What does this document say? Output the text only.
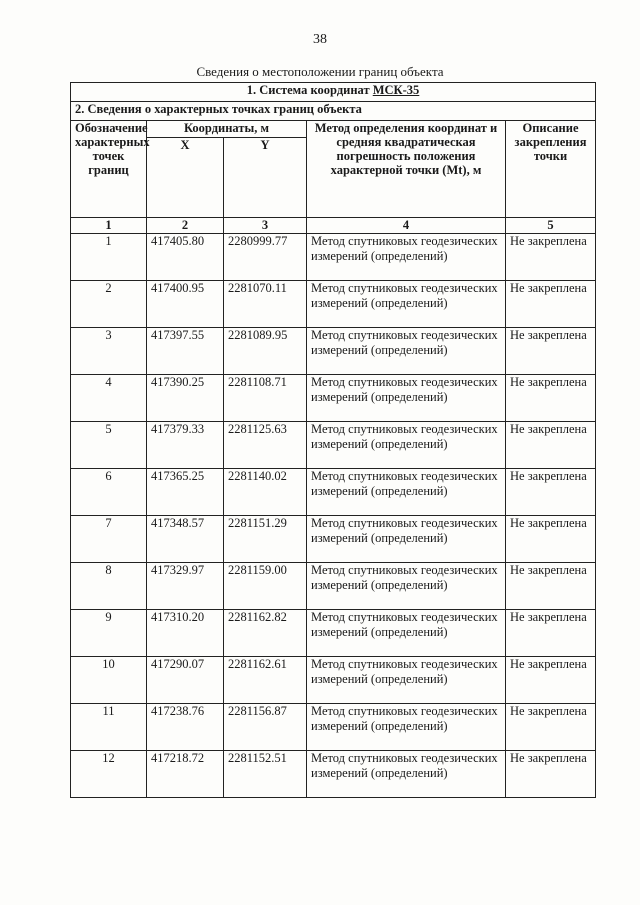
38
Сведения о местоположении границ объекта
1. Система координат МСК-35				
2. Сведения о характерных точках границ объекта				
Обозначение характерных точек границ	Координаты, м		Метод определения координат и средняя квадратическая погрешность положения характерной точки (Mt), м	Описание закрепления точки
	X	Y		
1	2	3	4	5
1	417405.80	2280999.77	Метод спутниковых геодезических измерений (определений)	Не закреплена
2	417400.95	2281070.11	Метод спутниковых геодезических измерений (определений)	Не закреплена
3	417397.55	2281089.95	Метод спутниковых геодезических измерений (определений)	Не закреплена
4	417390.25	2281108.71	Метод спутниковых геодезических измерений (определений)	Не закреплена
5	417379.33	2281125.63	Метод спутниковых геодезических измерений (определений)	Не закреплена
6	417365.25	2281140.02	Метод спутниковых геодезических измерений (определений)	Не закреплена
7	417348.57	2281151.29	Метод спутниковых геодезических измерений (определений)	Не закреплена
8	417329.97	2281159.00	Метод спутниковых геодезических измерений (определений)	Не закреплена
9	417310.20	2281162.82	Метод спутниковых геодезических измерений (определений)	Не закреплена
10	417290.07	2281162.61	Метод спутниковых геодезических измерений (определений)	Не закреплена
11	417238.76	2281156.87	Метод спутниковых геодезических измерений (определений)	Не закреплена
12	417218.72	2281152.51	Метод спутниковых геодезических измерений (определений)	Не закреплена
